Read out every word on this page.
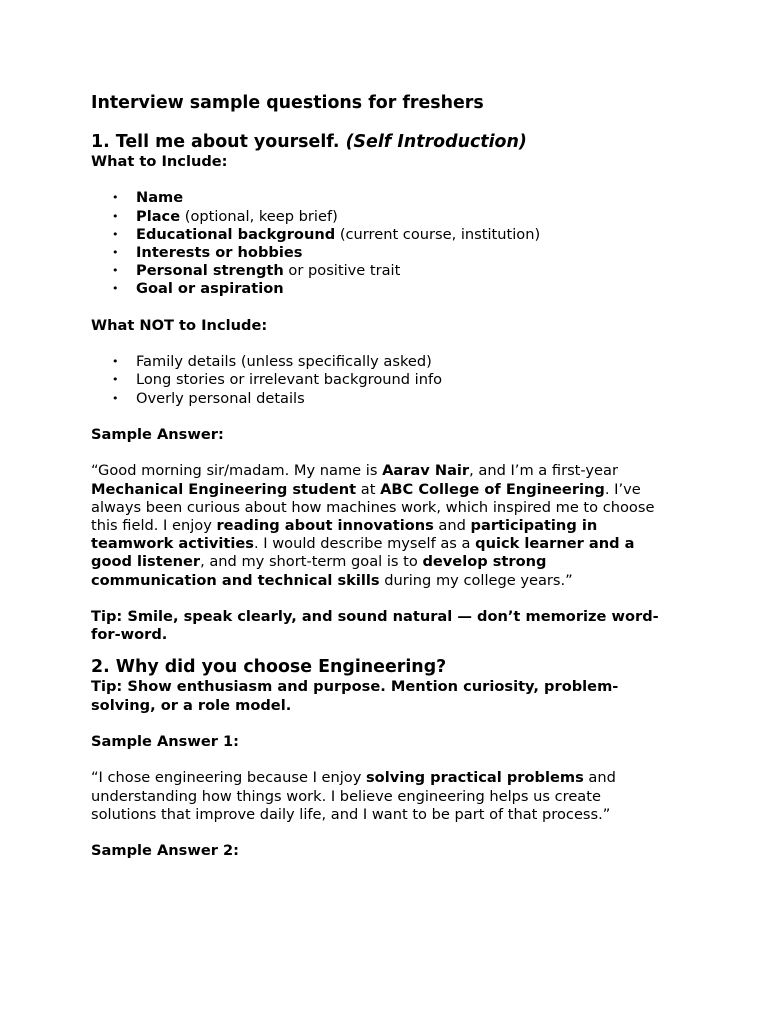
Interview sample questions for freshers
1. Tell me about yourself. (Self Introduction)
What to Include:
• Name
• Place (optional, keep brief)
• Educational background (current course, institution)
• Interests or hobbies
• Personal strength or positive trait
• Goal or aspiration
What NOT to Include:
• Family details (unless specifically asked)
• Long stories or irrelevant background info
• Overly personal details
Sample Answer:
“Good morning sir/madam. My name is Aarav Nair, and I’m a first-year
Mechanical Engineering student at ABC College of Engineering. I’ve
always been curious about how machines work, which inspired me to choose
this field. I enjoy reading about innovations and participating in
teamwork activities. I would describe myself as a quick learner and a
good listener, and my short-term goal is to develop strong
communication and technical skills during my college years.”
Tip: Smile, speak clearly, and sound natural — don’t memorize word-
for-word.
2. Why did you choose Engineering?
Tip: Show enthusiasm and purpose. Mention curiosity, problem-
solving, or a role model.
Sample Answer 1:
“I chose engineering because I enjoy solving practical problems and
understanding how things work. I believe engineering helps us create
solutions that improve daily life, and I want to be part of that process.”
Sample Answer 2:
